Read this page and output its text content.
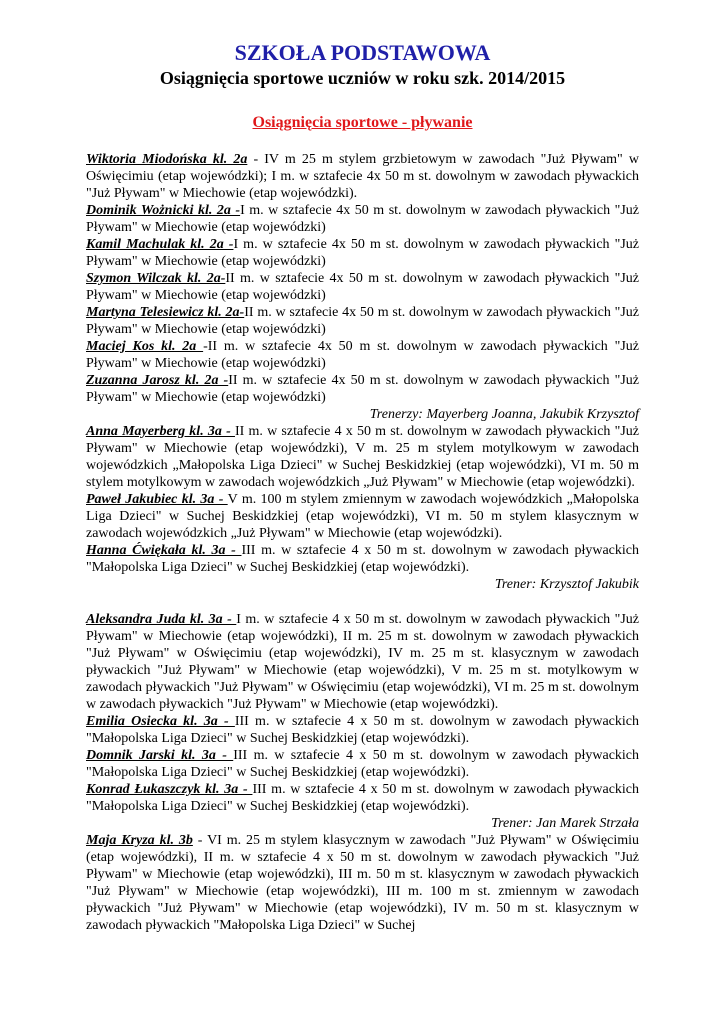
SZKOŁA PODSTAWOWA
Osiągnięcia sportowe uczniów w roku szk. 2014/2015
Osiągnięcia sportowe - pływanie

Wiktoria Miodońska kl. 2a - IV m 25 m stylem grzbietowym w zawodach "Już Pływam" w Oświęcimiu (etap wojewódzki); I m. w sztafecie 4x 50 m st. dowolnym w zawodach pływackich "Już Pływam" w Miechowie (etap wojewódzki).

Dominik Wożnicki kl. 2a -I m. w sztafecie 4x 50 m st. dowolnym w zawodach pływackich "Już Pływam" w Miechowie (etap wojewódzki)

Kamil Machulak kl. 2a -I m. w sztafecie 4x 50 m st. dowolnym w zawodach pływackich "Już Pływam" w Miechowie (etap wojewódzki)

Szymon Wilczak kl. 2a-II m. w sztafecie 4x 50 m st. dowolnym w zawodach pływackich "Już Pływam" w Miechowie (etap wojewódzki)

Martyna Telesiewicz kl. 2a-II m. w sztafecie 4x 50 m st. dowolnym w zawodach pływackich "Już Pływam" w Miechowie (etap wojewódzki)

Maciej Kos kl. 2a -II m. w sztafecie 4x 50 m st. dowolnym w zawodach pływackich "Już Pływam" w Miechowie (etap wojewódzki)

Zuzanna Jarosz kl. 2a -II m. w sztafecie 4x 50 m st. dowolnym w zawodach pływackich "Już Pływam" w Miechowie (etap wojewódzki)

Trenerzy: Mayerberg Joanna, Jakubik Krzysztof

Anna Mayerberg kl. 3a - II m. w sztafecie 4 x 50 m st. dowolnym w zawodach pływackich "Już Pływam" w Miechowie (etap wojewódzki), V m. 25 m stylem motylkowym w zawodach wojewódzkich „Małopolska Liga Dzieci" w Suchej Beskidzkiej (etap wojewódzki), VI m. 50 m stylem motylkowym w zawodach wojewódzkich „Już Pływam" w Miechowie (etap wojewódzki).

Paweł Jakubiec kl. 3a - V m. 100 m stylem zmiennym w zawodach wojewódzkich „Małopolska Liga Dzieci" w Suchej Beskidzkiej (etap wojewódzki), VI m. 50 m stylem klasycznym w zawodach wojewódzkich „Już Pływam" w Miechowie (etap wojewódzki).

Hanna Ćwiękała kl. 3a - III m. w sztafecie 4 x 50 m st. dowolnym w zawodach pływackich "Małopolska Liga Dzieci" w Suchej Beskidzkiej (etap wojewódzki).

Trener: Krzysztof Jakubik

Aleksandra Juda kl. 3a - I m. w sztafecie 4 x 50 m st. dowolnym w zawodach pływackich "Już Pływam" w Miechowie (etap wojewódzki), II m. 25 m st. dowolnym w zawodach pływackich "Już Pływam" w Oświęcimiu (etap wojewódzki), IV m. 25 m st. klasycznym w zawodach pływackich "Już Pływam" w Miechowie (etap wojewódzki), V m. 25 m st. motylkowym w zawodach pływackich "Już Pływam" w Oświęcimiu (etap wojewódzki), VI m. 25 m st. dowolnym w zawodach pływackich "Już Pływam" w Miechowie (etap wojewódzki).

Emilia Osiecka kl. 3a - III m. w sztafecie 4 x 50 m st. dowolnym w zawodach pływackich "Małopolska Liga Dzieci" w Suchej Beskidzkiej (etap wojewódzki).

Domnik Jarski kl. 3a - III m. w sztafecie 4 x 50 m st. dowolnym w zawodach pływackich "Małopolska Liga Dzieci" w Suchej Beskidzkiej (etap wojewódzki).

Konrad Łukaszczyk kl. 3a - III m. w sztafecie 4 x 50 m st. dowolnym w zawodach pływackich "Małopolska Liga Dzieci" w Suchej Beskidzkiej (etap wojewódzki).

Trener: Jan Marek Strzała

Maja Kryza kl. 3b - VI m. 25 m stylem klasycznym w zawodach "Już Pływam" w Oświęcimiu (etap wojewódzki), II m. w sztafecie 4 x 50 m st. dowolnym w zawodach pływackich "Już Pływam" w Miechowie (etap wojewódzki), III m. 50 m st. klasycznym w zawodach pływackich "Już Pływam" w Miechowie (etap wojewódzki), III m. 100 m st. zmiennym w zawodach pływackich "Już Pływam" w Miechowie (etap wojewódzki), IV m. 50 m st. klasycznym w zawodach pływackich "Małopolska Liga Dzieci" w Suchej
